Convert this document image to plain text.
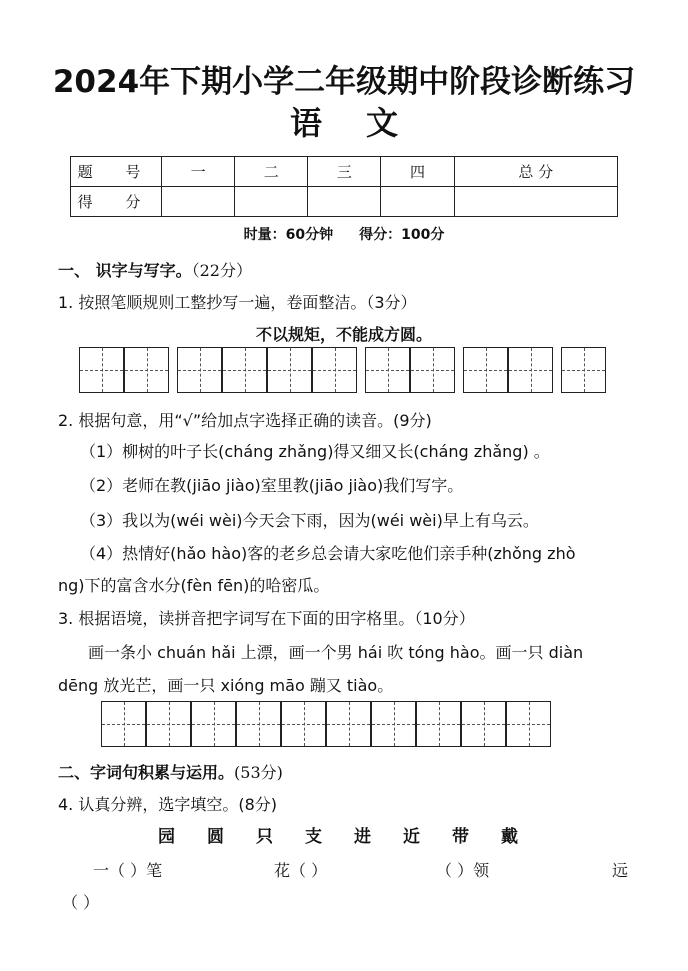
2024年下期小学二年级期中阶段诊断练习
语 文
题 号	一	二	三	四	总 分
得 分					
时量：60分钟 得分：100分
一、 识字与写字。（22分）
1. 按照笔顺规则工整抄写一遍，卷面整洁。（3分）
不以规矩，不能成方圆。
2. 根据句意，用“√”给加点字选择正确的读音。(9分)
（1）柳树的叶子长(cháng zhǎng)得又细又长(cháng zhǎng) 。
（2）老师在教(jiāo jiào)室里教(jiāo jiào)我们写字。
（3）我以为(wéi wèi)今天会下雨，因为(wéi wèi)早上有乌云。
（4）热情好(hǎo hào)客的老乡总会请大家吃他们亲手种(zhǒng zhò
ng)下的富含水分(fèn fēn)的哈密瓜。
3. 根据语境，读拼音把字词写在下面的田字格里。（10分）
画一条小 chuán hǎi 上漂，画一个男 hái 吹 tóng hào。画一只 diàn
dēng 放光芒，画一只 xióng māo 蹦又 tiào。
二、字词句积累与运用。(53分)
4. 认真分辨，选字填空。(8分)
园 圆 只 支 进 近 带 戴
一（ ）笔	花（ ）	（ ）领	远
（ ）
